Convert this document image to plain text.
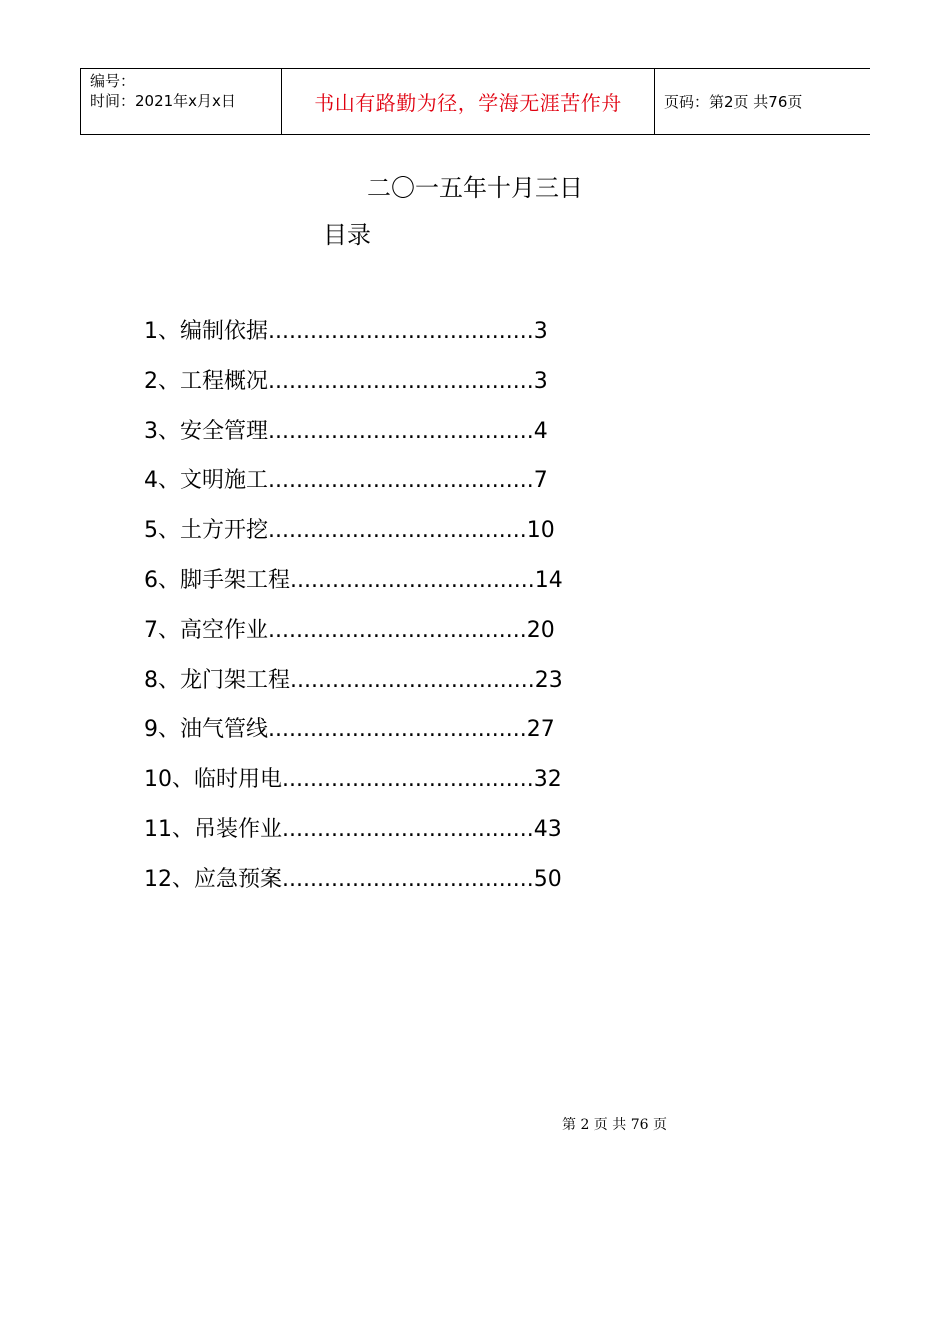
编号：
时间：2021年x月x日	书山有路勤为径，学海无涯苦作舟	页码：第2页 共76页
二〇一五年十月三日
目录
1、编制依据......................................3
2、工程概况......................................3
3、安全管理......................................4
4、文明施工......................................7
5、土方开挖.....................................10
6、脚手架工程...................................14
7、高空作业.....................................20
8、龙门架工程...................................23
9、油气管线.....................................27
10、临时用电....................................32
11、吊装作业....................................43
12、应急预案....................................50
第 2 页 共 76 页
